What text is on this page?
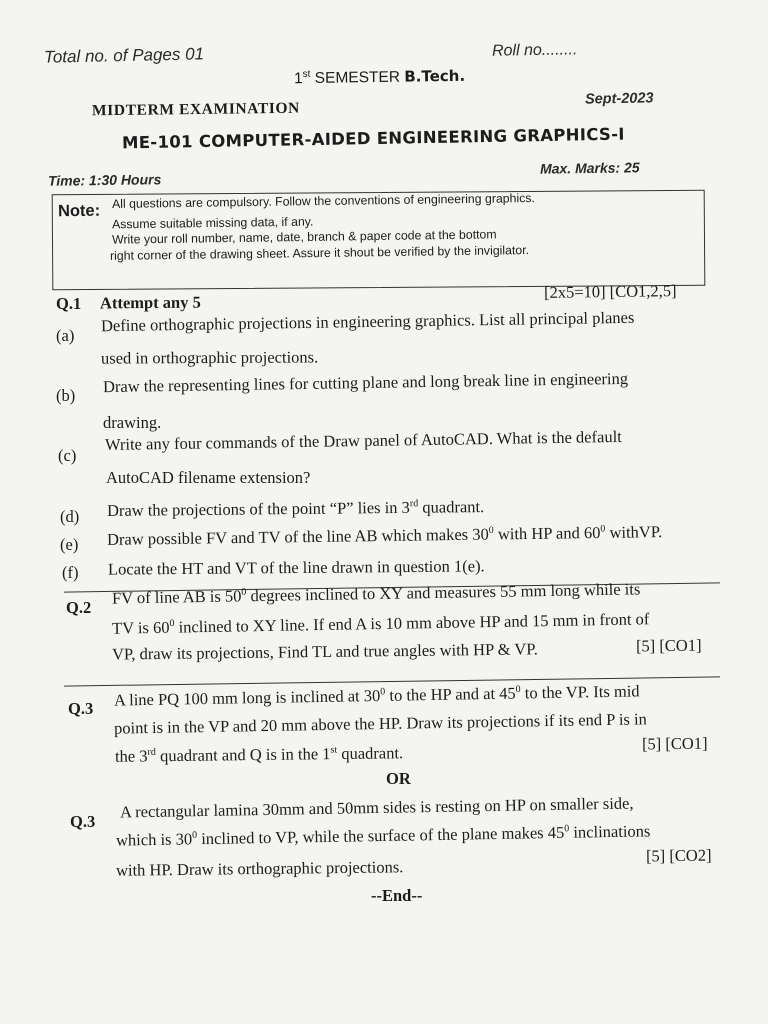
Total no. of Pages 01	Roll no........
1st SEMESTER B.Tech.
MIDTERM EXAMINATION
Sept-2023
ME-101 COMPUTER-AIDED ENGINEERING GRAPHICS-I
Time: 1:30 Hours
Max. Marks: 25
Note:
All questions are compulsory. Follow the conventions of engineering graphics.
Assume suitable missing data, if any.
Write your roll number, name, date, branch & paper code at the bottom
right corner of the drawing sheet. Assure it shout be verified by the invigilator.
Q.1 Attempt any 5
[2x5=10] [CO1,2,5]
(a)
Define orthographic projections in engineering graphics. List all principal planes
used in orthographic projections.
(b) Draw the representing lines for cutting plane and long break line in engineering
drawing.
(c)
Write any four commands of the Draw panel of AutoCAD. What is the default
AutoCAD filename extension?
(d) Draw the projections of the point “P” lies in 3rd quadrant.
(e) Draw possible FV and TV of the line AB which makes $30^0$ with HP and $60^0$ withVP.
(f) Locate the HT and VT of the line drawn in question 1(e).
Q.2 FV of line AB is $50^0$ degrees inclined to XY and measures 55 mm long while its
TV is $60^0$ inclined to XY line. If end A is 10 mm above HP and 15 mm in front of
VP, draw its projections, Find TL and true angles with HP & VP.	[5] [CO1]
Q.3 A line PQ 100 mm long is inclined at $30^0$ to the HP and at $45^0$ to the VP. Its mid
point is in the VP and 20 mm above the HP. Draw its projections if its end P is in
the 3rd quadrant and Q is in the 1st quadrant.	[5] [CO1]
OR
Q.3
A rectangular lamina 30mm and 50mm sides is resting on HP on smaller side,
which is $30^0$ inclined to VP, while the surface of the plane makes $45^0$ inclinations
with HP. Draw its orthographic projections.
[5] [CO2]
--End--
